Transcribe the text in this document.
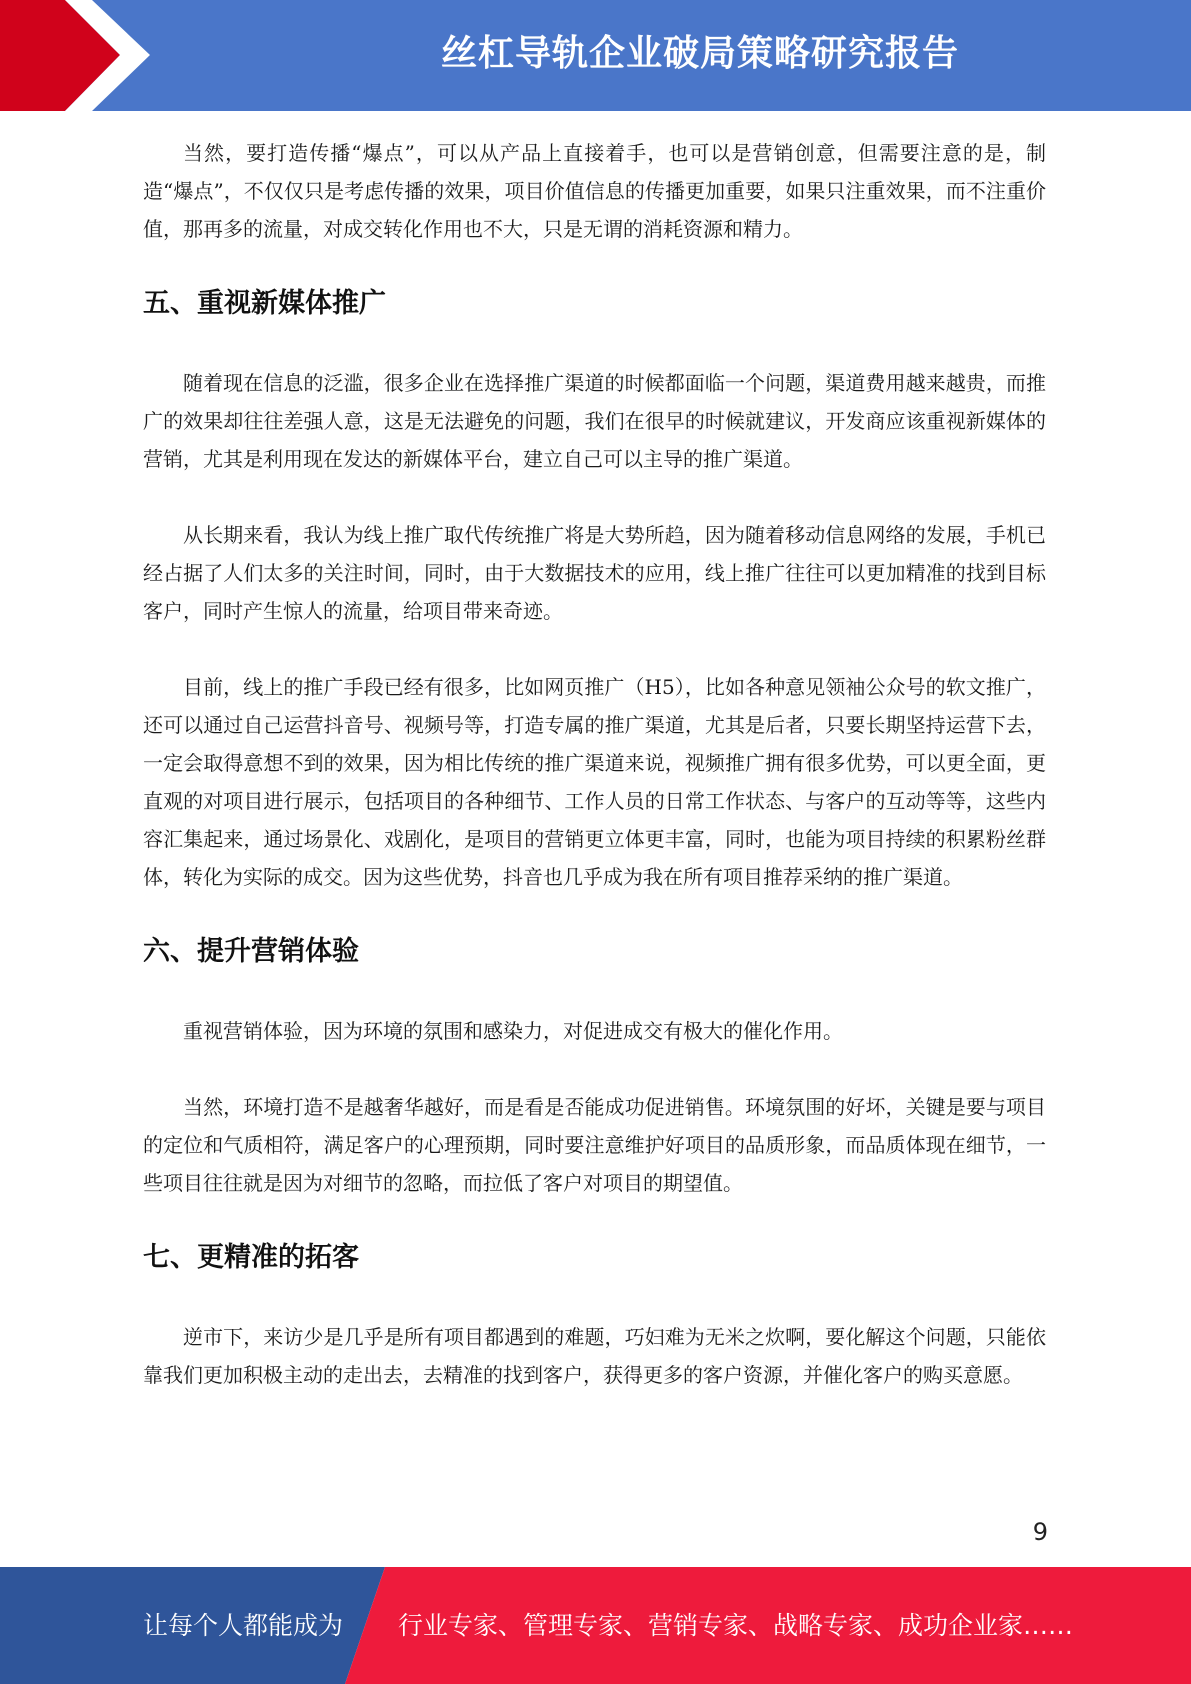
丝杠导轨企业破局策略研究报告

当然，要打造传播“爆点”，可以从产品上直接着手，也可以是营销创意，但需要注意的是，制造“爆点”，不仅仅只是考虑传播的效果，项目价值信息的传播更加重要，如果只注重效果，而不注重价值，那再多的流量，对成交转化作用也不大，只是无谓的消耗资源和精力。

五、重视新媒体推广

随着现在信息的泛滥，很多企业在选择推广渠道的时候都面临一个问题，渠道费用越来越贵，而推广的效果却往往差强人意，这是无法避免的问题，我们在很早的时候就建议，开发商应该重视新媒体的营销，尤其是利用现在发达的新媒体平台，建立自己可以主导的推广渠道。

从长期来看，我认为线上推广取代传统推广将是大势所趋，因为随着移动信息网络的发展，手机已经占据了人们太多的关注时间，同时，由于大数据技术的应用，线上推广往往可以更加精准的找到目标客户，同时产生惊人的流量，给项目带来奇迹。

目前，线上的推广手段已经有很多，比如网页推广（H5），比如各种意见领袖公众号的软文推广，还可以通过自己运营抖音号、视频号等，打造专属的推广渠道，尤其是后者，只要长期坚持运营下去，一定会取得意想不到的效果，因为相比传统的推广渠道来说，视频推广拥有很多优势，可以更全面，更直观的对项目进行展示，包括项目的各种细节、工作人员的日常工作状态、与客户的互动等等，这些内容汇集起来，通过场景化、戏剧化，是项目的营销更立体更丰富，同时，也能为项目持续的积累粉丝群体，转化为实际的成交。因为这些优势，抖音也几乎成为我在所有项目推荐采纳的推广渠道。

六、提升营销体验

重视营销体验，因为环境的氛围和感染力，对促进成交有极大的催化作用。

当然，环境打造不是越奢华越好，而是看是否能成功促进销售。环境氛围的好坏，关键是要与项目的定位和气质相符，满足客户的心理预期，同时要注意维护好项目的品质形象，而品质体现在细节，一些项目往往就是因为对细节的忽略，而拉低了客户对项目的期望值。

七、更精准的拓客

逆市下，来访少是几乎是所有项目都遇到的难题，巧妇难为无米之炊啊，要化解这个问题，只能依靠我们更加积极主动的走出去，去精准的找到客户，获得更多的客户资源，并催化客户的购买意愿。

9
让每个人都能成为 行业专家、管理专家、营销专家、战略专家、成功企业家……
